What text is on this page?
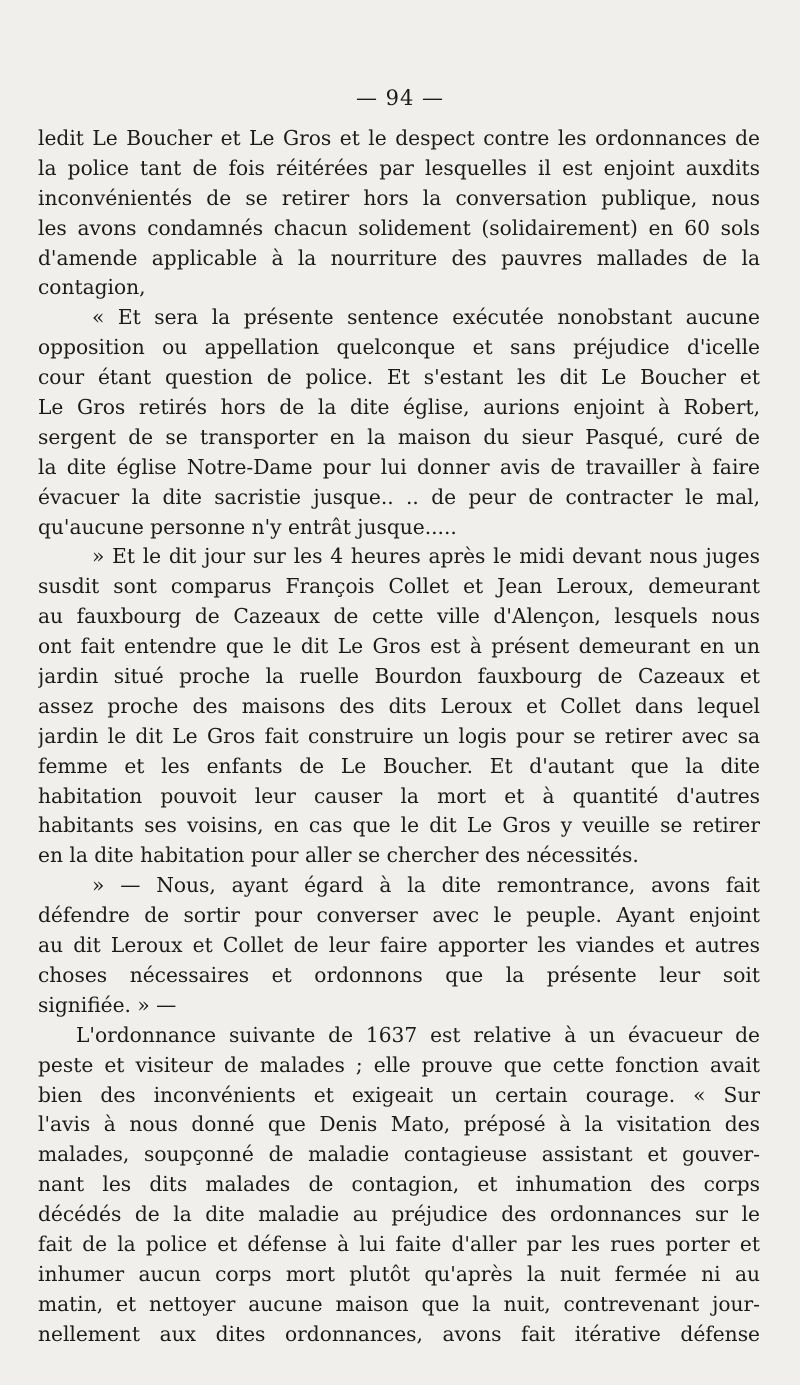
— 94 —
ledit Le Boucher et Le Gros et le despect contre les ordonnances de
la police tant de fois réitérées par lesquelles il est enjoint auxdits
inconvénientés de se retirer hors la conversation publique, nous
les avons condamnés chacun solidement (solidairement) en 60 sols
d'amende applicable à la nourriture des pauvres mallades de la
contagion,
« Et sera la présente sentence exécutée nonobstant aucune
opposition ou appellation quelconque et sans préjudice d'icelle
cour étant question de police. Et s'estant les dit Le Boucher et
Le Gros retirés hors de la dite église, aurions enjoint à Robert,
sergent de se transporter en la maison du sieur Pasqué, curé de
la dite église Notre-Dame pour lui donner avis de travailler à faire
évacuer la dite sacristie jusque.. .. de peur de contracter le mal,
qu'aucune personne n'y entrât jusque.....
» Et le dit jour sur les 4 heures après le midi devant nous juges
susdit sont comparus François Collet et Jean Leroux, demeurant
au fauxbourg de Cazeaux de cette ville d'Alençon, lesquels nous
ont fait entendre que le dit Le Gros est à présent demeurant en un
jardin situé proche la ruelle Bourdon fauxbourg de Cazeaux et
assez proche des maisons des dits Leroux et Collet dans lequel
jardin le dit Le Gros fait construire un logis pour se retirer avec sa
femme et les enfants de Le Boucher. Et d'autant que la dite
habitation pouvoit leur causer la mort et à quantité d'autres
habitants ses voisins, en cas que le dit Le Gros y veuille se retirer
en la dite habitation pour aller se chercher des nécessités.
» — Nous, ayant égard à la dite remontrance, avons fait
défendre de sortir pour converser avec le peuple. Ayant enjoint
au dit Leroux et Collet de leur faire apporter les viandes et autres
choses nécessaires et ordonnons que la présente leur soit
signifiée. » —
L'ordonnance suivante de 1637 est relative à un évacueur de
peste et visiteur de malades ; elle prouve que cette fonction avait
bien des inconvénients et exigeait un certain courage. « Sur
l'avis à nous donné que Denis Mato, préposé à la visitation des
malades, soupçonné de maladie contagieuse assistant et gouver-
nant les dits malades de contagion, et inhumation des corps
décédés de la dite maladie au préjudice des ordonnances sur le
fait de la police et défense à lui faite d'aller par les rues porter et
inhumer aucun corps mort plutôt qu'après la nuit fermée ni au
matin, et nettoyer aucune maison que la nuit, contrevenant jour-
nellement aux dites ordonnances, avons fait itérative défense
